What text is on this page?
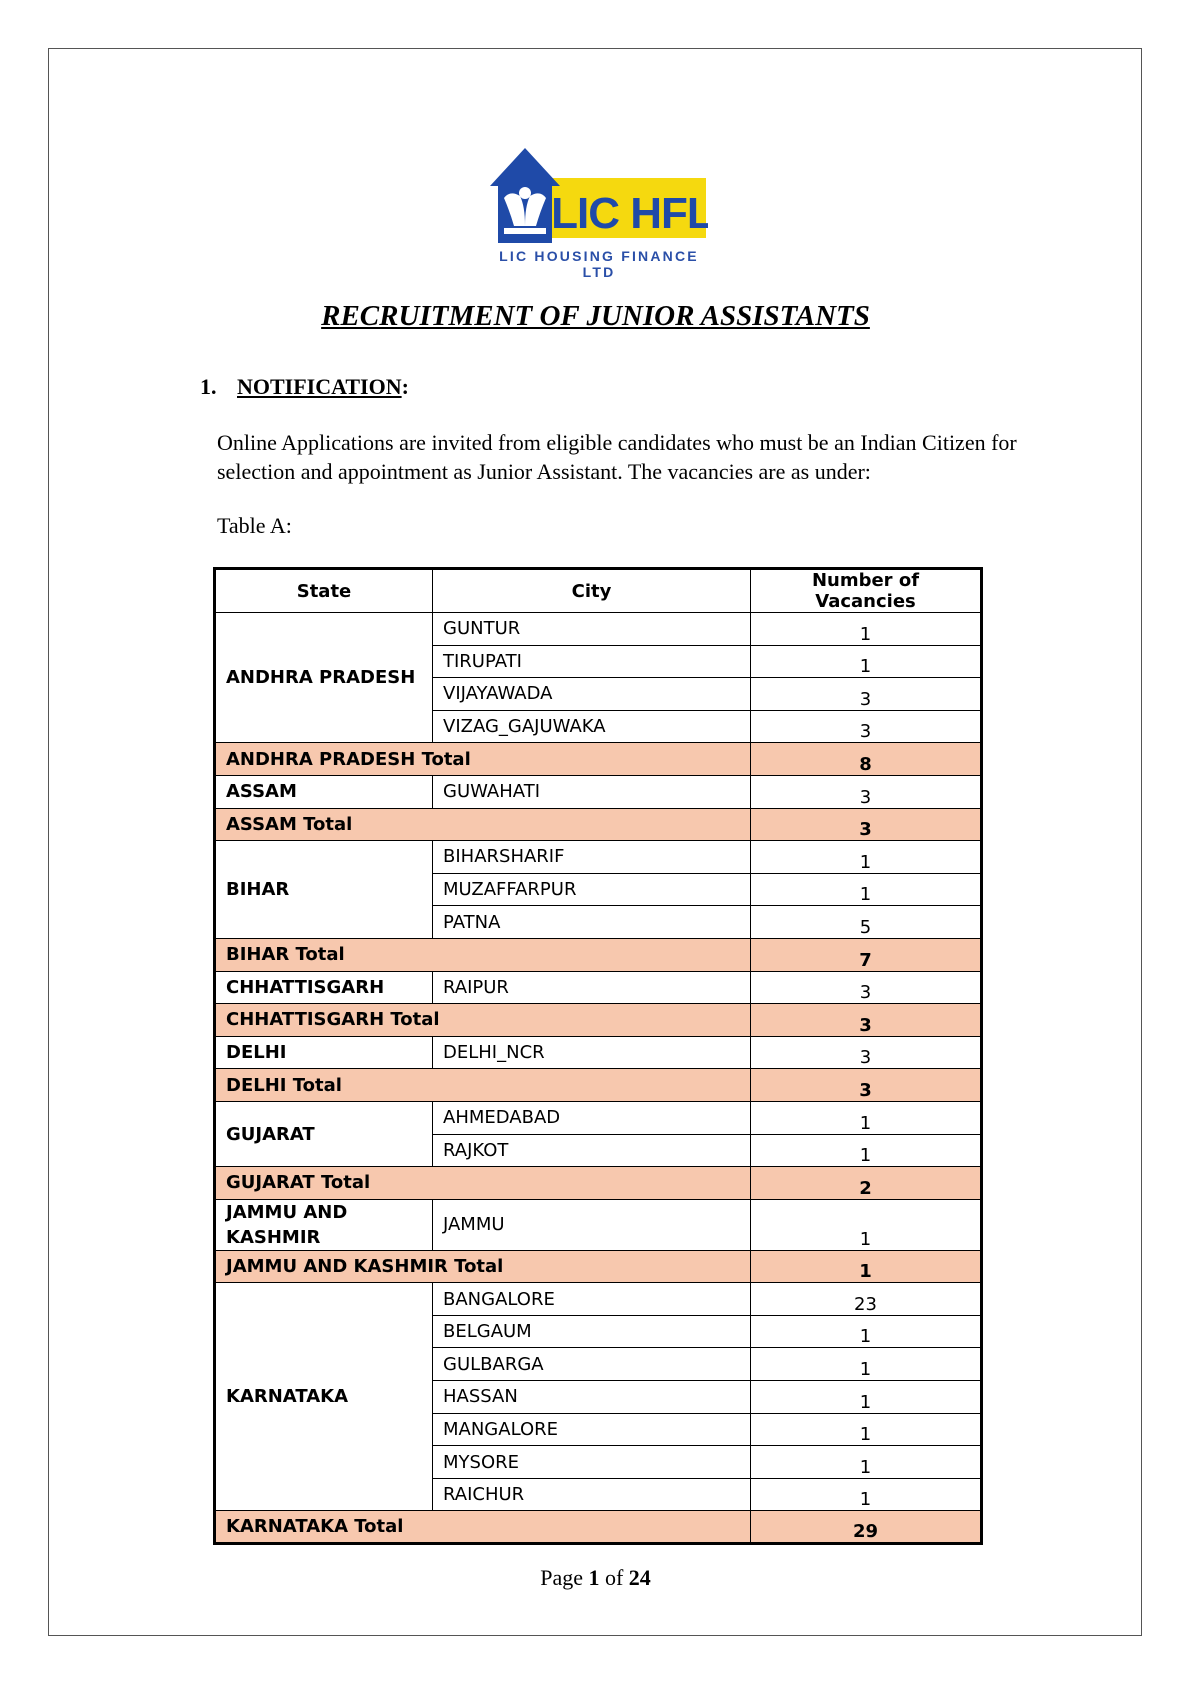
LIC HFL
LIC HOUSING FINANCE LTD
RECRUITMENT OF JUNIOR ASSISTANTS
1. NOTIFICATION:
Online Applications are invited from eligible candidates who must be an Indian Citizen for selection and appointment as Junior Assistant. The vacancies are as under:
Table A:
State	City	Number of Vacancies
ANDHRA PRADESH	GUNTUR	1
	TIRUPATI	1
	VIJAYAWADA	3
	VIZAG_GAJUWAKA	3
ANDHRA PRADESH Total		8
ASSAM	GUWAHATI	3
ASSAM Total		3
BIHAR	BIHARSHARIF	1
	MUZAFFARPUR	1
	PATNA	5
BIHAR Total		7
CHHATTISGARH	RAIPUR	3
CHHATTISGARH Total		3
DELHI	DELHI_NCR	3
DELHI Total		3
GUJARAT	AHMEDABAD	1
	RAJKOT	1
GUJARAT Total		2
JAMMU AND KASHMIR	JAMMU	1
JAMMU AND KASHMIR Total		1
KARNATAKA	BANGALORE	23
	BELGAUM	1
	GULBARGA	1
	HASSAN	1
	MANGALORE	1
	MYSORE	1
	RAICHUR	1
KARNATAKA Total		29
Page 1 of 24
